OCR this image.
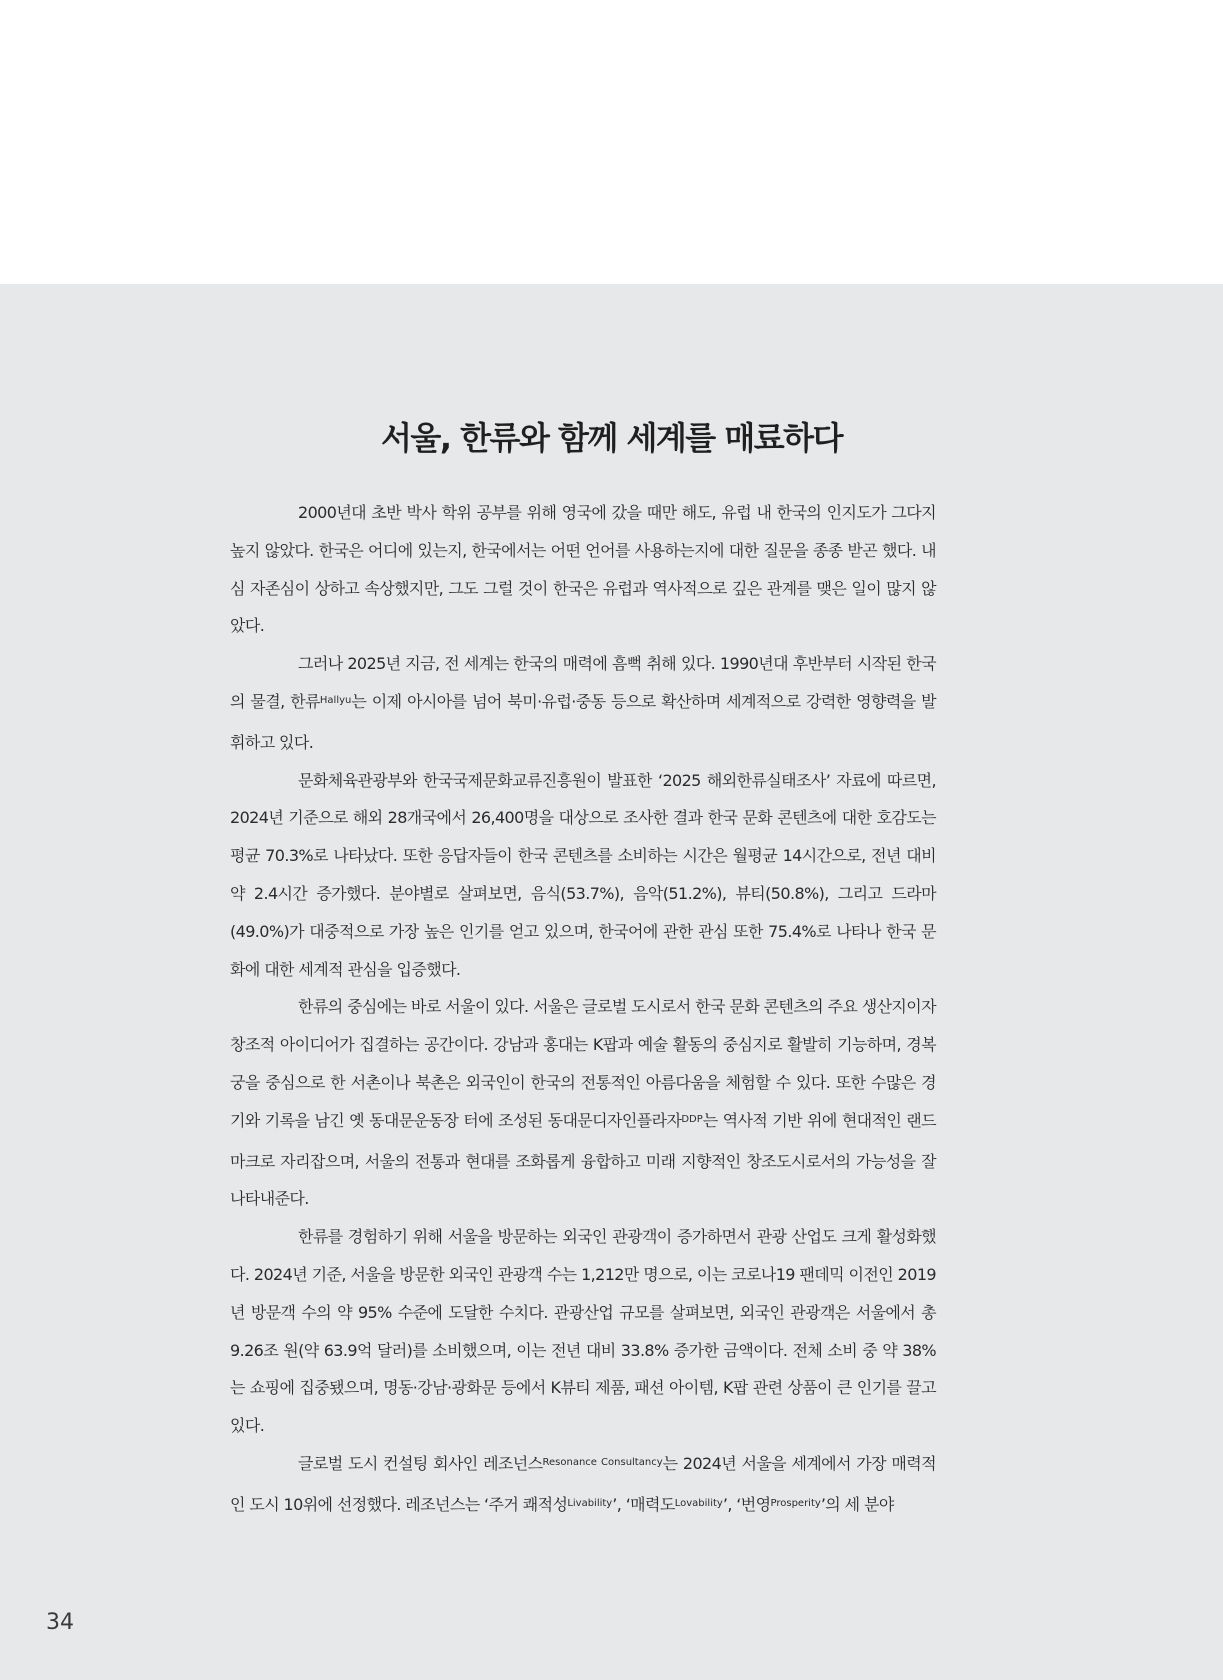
서울, 한류와 함께 세계를 매료하다

2000년대 초반 박사 학위 공부를 위해 영국에 갔을 때만 해도, 유럽 내 한국의 인지도가 그다지 높지 않았다. 한국은 어디에 있는지, 한국에서는 어떤 언어를 사용하는지에 대한 질문을 종종 받곤 했다. 내심 자존심이 상하고 속상했지만, 그도 그럴 것이 한국은 유럽과 역사적으로 깊은 관계를 맺은 일이 많지 않았다.

그러나 2025년 지금, 전 세계는 한국의 매력에 흠뻑 취해 있다. 1990년대 후반부터 시작된 한국의 물결, 한류$^{Hallyu}$는 이제 아시아를 넘어 북미·유럽·중동 등으로 확산하며 세계적으로 강력한 영향력을 발휘하고 있다.

문화체육관광부와 한국국제문화교류진흥원이 발표한 ‘2025 해외한류실태조사’ 자료에 따르면, 2024년 기준으로 해외 28개국에서 26,400명을 대상으로 조사한 결과 한국 문화 콘텐츠에 대한 호감도는 평균 70.3%로 나타났다. 또한 응답자들이 한국 콘텐츠를 소비하는 시간은 월평균 14시간으로, 전년 대비 약 2.4시간 증가했다. 분야별로 살펴보면, 음식(53.7%), 음악(51.2%), 뷰티(50.8%), 그리고 드라마(49.0%)가 대중적으로 가장 높은 인기를 얻고 있으며, 한국어에 관한 관심 또한 75.4%로 나타나 한국 문화에 대한 세계적 관심을 입증했다.

한류의 중심에는 바로 서울이 있다. 서울은 글로벌 도시로서 한국 문화 콘텐츠의 주요 생산지이자 창조적 아이디어가 집결하는 공간이다. 강남과 홍대는 K팝과 예술 활동의 중심지로 활발히 기능하며, 경복궁을 중심으로 한 서촌이나 북촌은 외국인이 한국의 전통적인 아름다움을 체험할 수 있다. 또한 수많은 경기와 기록을 남긴 옛 동대문운동장 터에 조성된 동대문디자인플라자$^{DDP}$는 역사적 기반 위에 현대적인 랜드마크로 자리잡으며, 서울의 전통과 현대를 조화롭게 융합하고 미래 지향적인 창조도시로서의 가능성을 잘 나타내준다.

한류를 경험하기 위해 서울을 방문하는 외국인 관광객이 증가하면서 관광 산업도 크게 활성화했다. 2024년 기준, 서울을 방문한 외국인 관광객 수는 1,212만 명으로, 이는 코로나19 팬데믹 이전인 2019년 방문객 수의 약 95% 수준에 도달한 수치다. 관광산업 규모를 살펴보면, 외국인 관광객은 서울에서 총 9.26조 원(약 63.9억 달러)를 소비했으며, 이는 전년 대비 33.8% 증가한 금액이다. 전체 소비 중 약 38%는 쇼핑에 집중됐으며, 명동·강남·광화문 등에서 K뷰티 제품, 패션 아이템, K팝 관련 상품이 큰 인기를 끌고 있다.

글로벌 도시 컨설팅 회사인 레조넌스$^{Resonance Consultancy}$는 2024년 서울을 세계에서 가장 매력적인 도시 10위에 선정했다. 레조넌스는 ‘주거 쾌적성$^{Livability}$’, ‘매력도$^{Lovability}$’, ‘번영$^{Prosperity}$’의 세 분야

34
